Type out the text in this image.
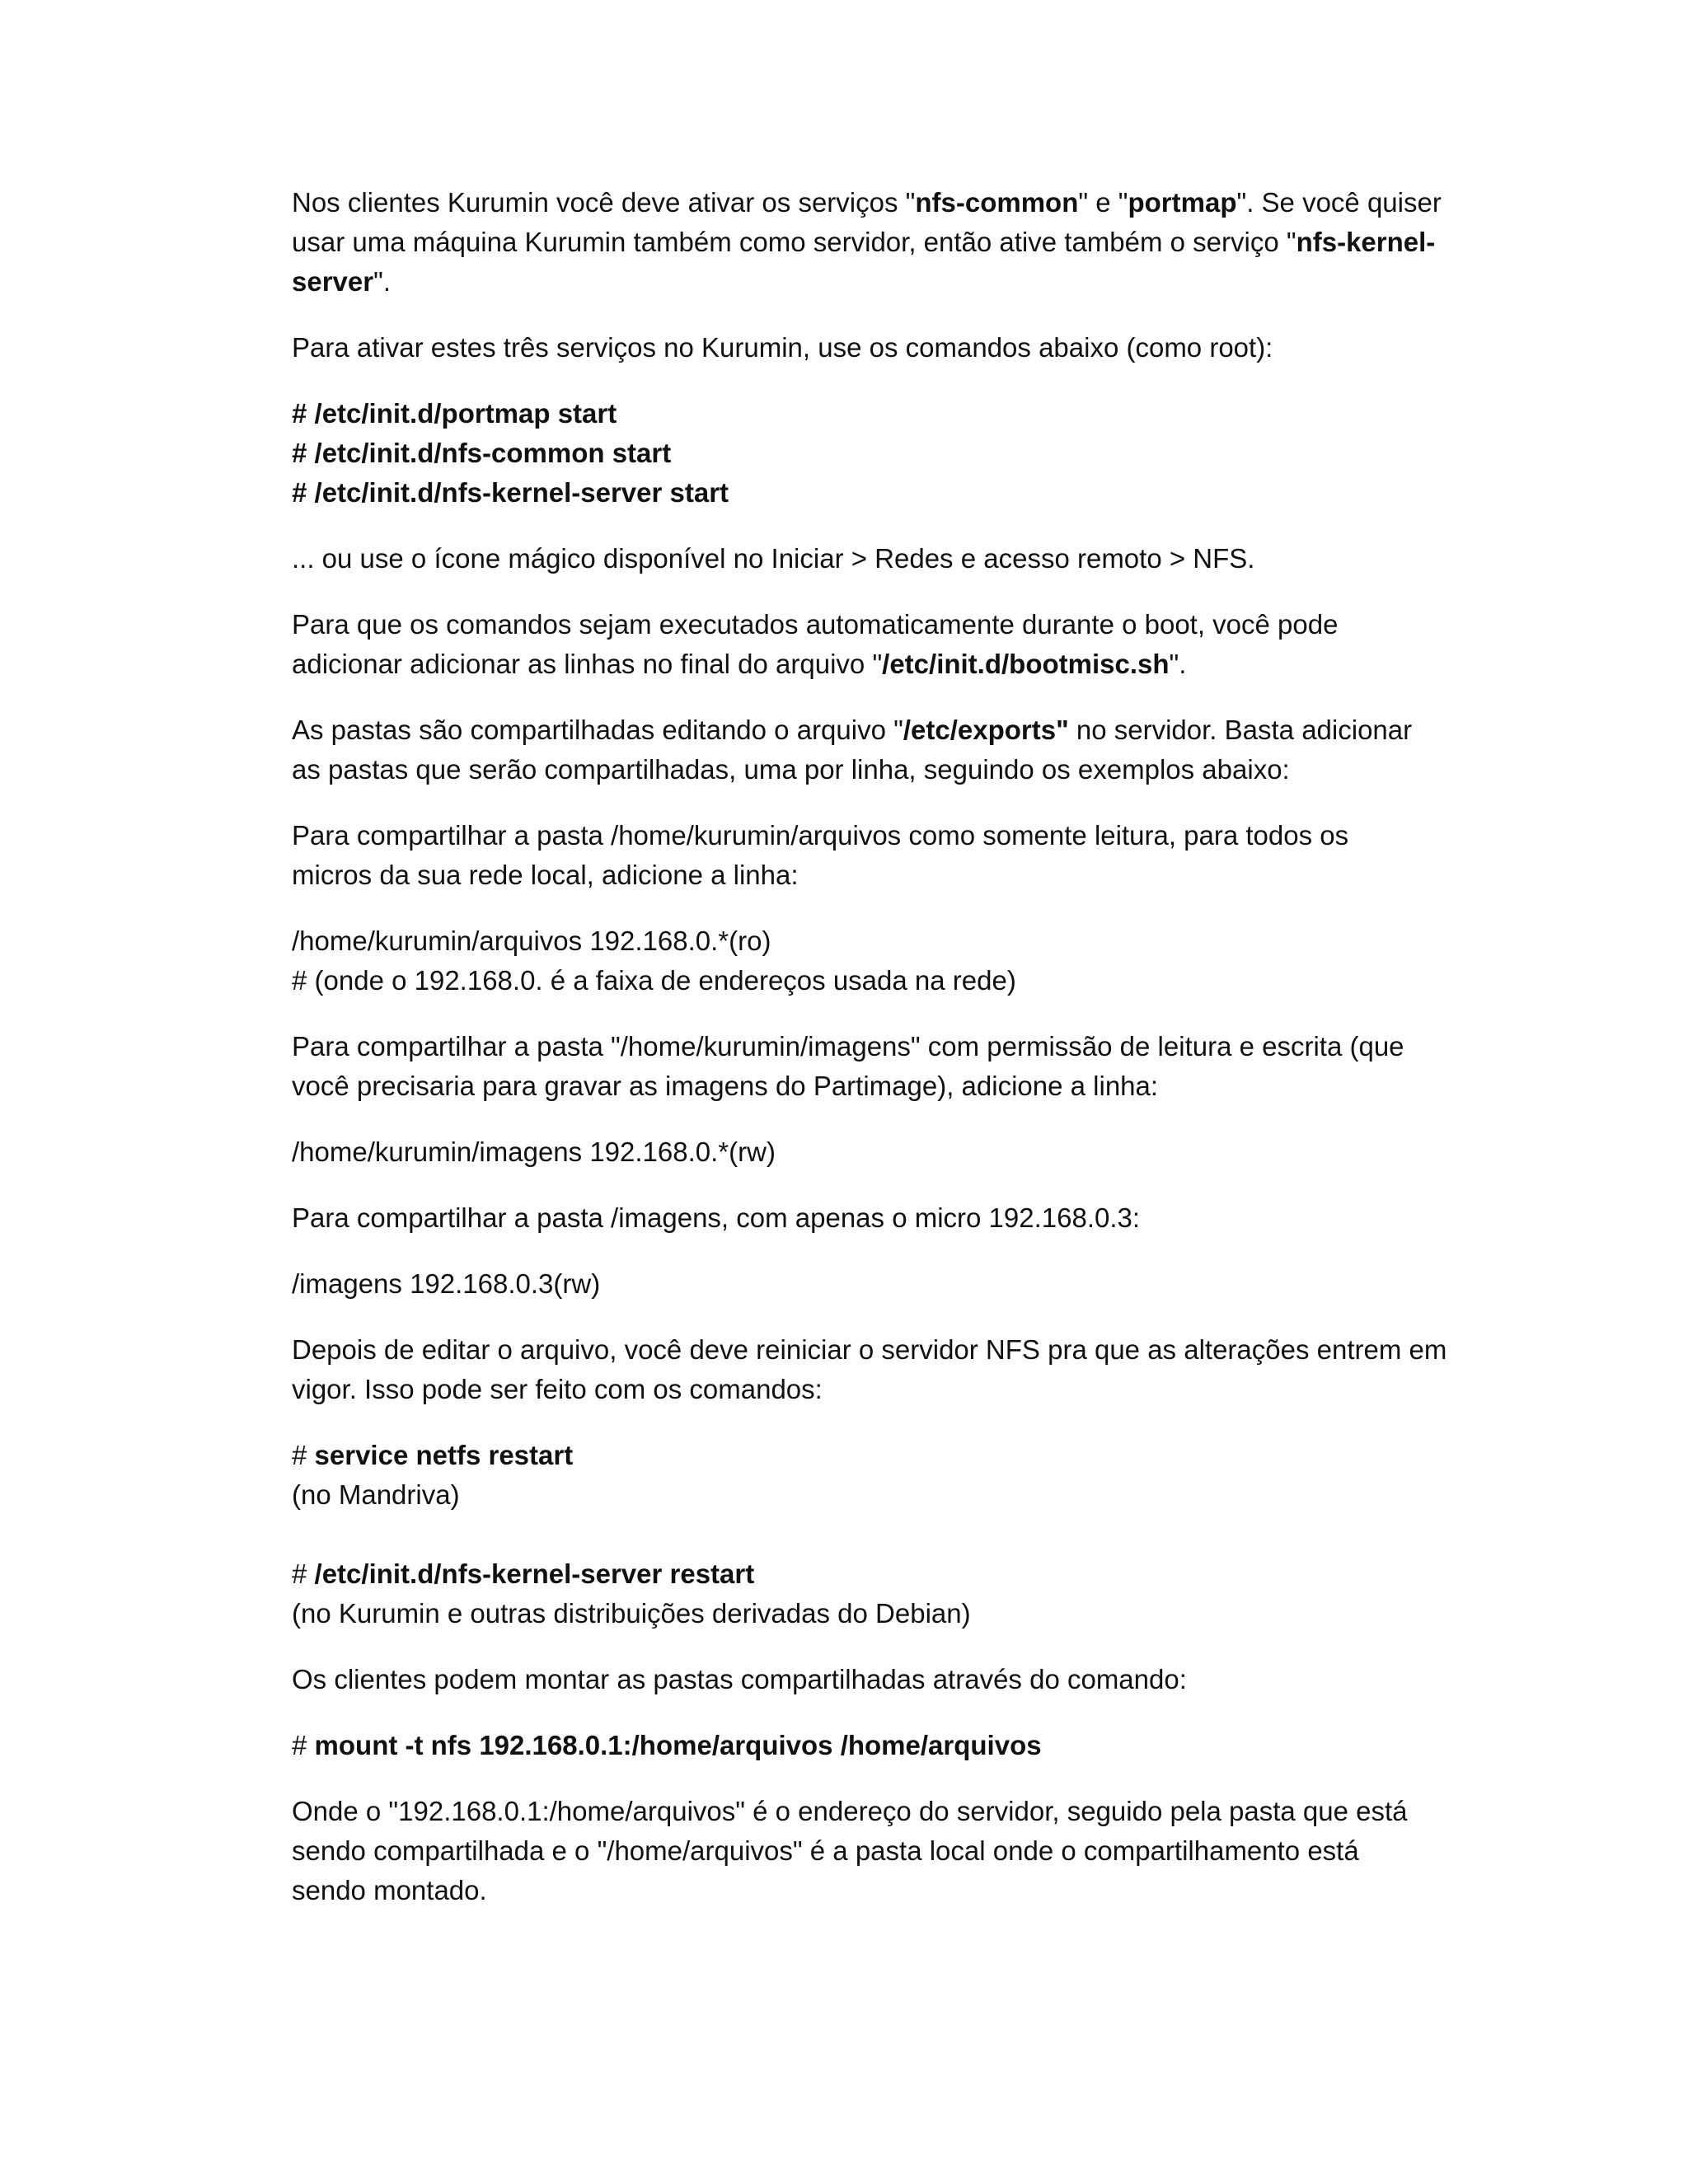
Nos clientes Kurumin você deve ativar os serviços "nfs-common" e "portmap". Se você quiser
usar uma máquina Kurumin também como servidor, então ative também o serviço "nfs-kernel-
server".

Para ativar estes três serviços no Kurumin, use os comandos abaixo (como root):

# /etc/init.d/portmap start
# /etc/init.d/nfs-common start
# /etc/init.d/nfs-kernel-server start

... ou use o ícone mágico disponível no Iniciar > Redes e acesso remoto > NFS.

Para que os comandos sejam executados automaticamente durante o boot, você pode
adicionar adicionar as linhas no final do arquivo "/etc/init.d/bootmisc.sh".

As pastas são compartilhadas editando o arquivo "/etc/exports" no servidor. Basta adicionar
as pastas que serão compartilhadas, uma por linha, seguindo os exemplos abaixo:

Para compartilhar a pasta /home/kurumin/arquivos como somente leitura, para todos os
micros da sua rede local, adicione a linha:

/home/kurumin/arquivos 192.168.0.*(ro)
# (onde o 192.168.0. é a faixa de endereços usada na rede)

Para compartilhar a pasta "/home/kurumin/imagens" com permissão de leitura e escrita (que
você precisaria para gravar as imagens do Partimage), adicione a linha:

/home/kurumin/imagens 192.168.0.*(rw)

Para compartilhar a pasta /imagens, com apenas o micro 192.168.0.3:

/imagens 192.168.0.3(rw)

Depois de editar o arquivo, você deve reiniciar o servidor NFS pra que as alterações entrem em
vigor. Isso pode ser feito com os comandos:

# service netfs restart
(no Mandriva)
# /etc/init.d/nfs-kernel-server restart
(no Kurumin e outras distribuições derivadas do Debian)

Os clientes podem montar as pastas compartilhadas através do comando:

# mount -t nfs 192.168.0.1:/home/arquivos /home/arquivos

Onde o "192.168.0.1:/home/arquivos" é o endereço do servidor, seguido pela pasta que está
sendo compartilhada e o "/home/arquivos" é a pasta local onde o compartilhamento está
sendo montado.
